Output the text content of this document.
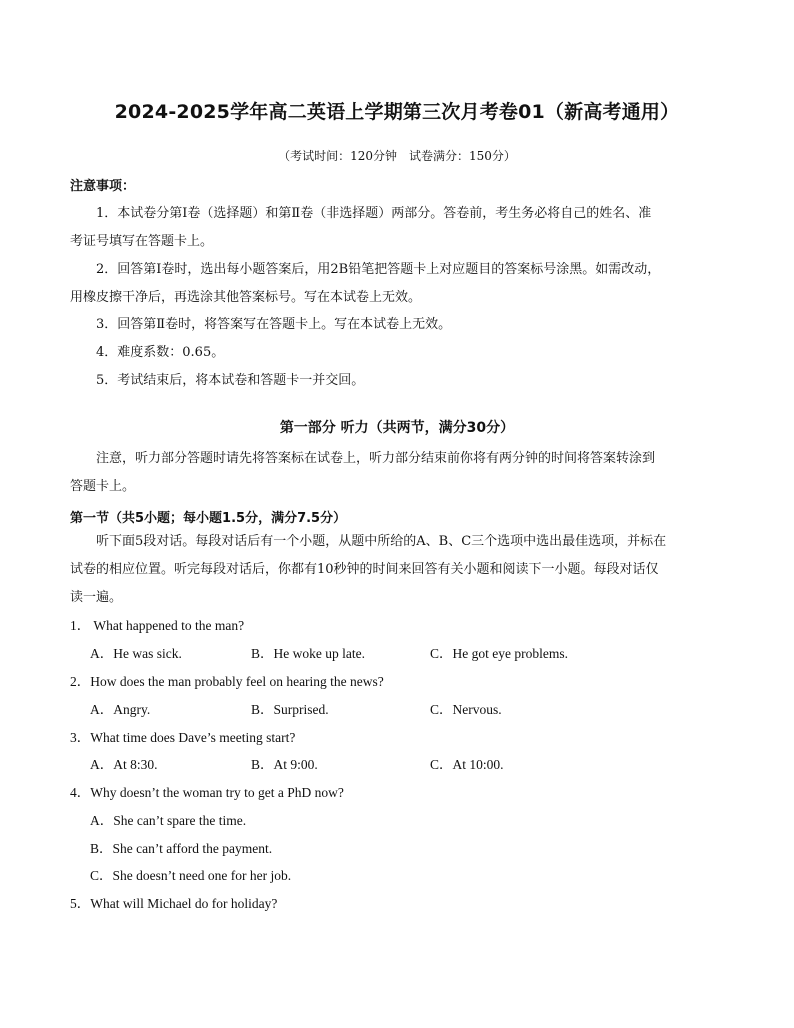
2024-2025学年高二英语上学期第三次月考卷01（新高考通用）
（考试时间：120分钟　试卷满分：150分）
注意事项：
1．本试卷分第Ⅰ卷（选择题）和第Ⅱ卷（非选择题）两部分。答卷前，考生务必将自己的姓名、准
考证号填写在答题卡上。
2．回答第Ⅰ卷时，选出每小题答案后，用2B铅笔把答题卡上对应题目的答案标号涂黑。如需改动，
用橡皮擦干净后，再选涂其他答案标号。写在本试卷上无效。
3．回答第Ⅱ卷时，将答案写在答题卡上。写在本试卷上无效。
4．难度系数：0.65。
5．考试结束后，将本试卷和答题卡一并交回。
第一部分 听力（共两节，满分30分）
注意，听力部分答题时请先将答案标在试卷上，听力部分结束前你将有两分钟的时间将答案转涂到
答题卡上。
第一节（共5小题；每小题1.5分，满分7.5分）
听下面5段对话。每段对话后有一个小题，从题中所给的A、B、C三个选项中选出最佳选项，并标在
试卷的相应位置。听完每段对话后，你都有10秒钟的时间来回答有关小题和阅读下一小题。每段对话仅
读一遍。
1． What happened to the man?
A．He was sick.	B．He woke up late.	C．He got eye problems.
2．How does the man probably feel on hearing the news?
A．Angry.	B．Surprised.	C．Nervous.
3．What time does Dave’s meeting start?
A．At 8:30.	B．At 9:00.	C．At 10:00.
4．Why doesn’t the woman try to get a PhD now?
A．She can’t spare the time.
B．She can’t afford the payment.
C．She doesn’t need one for her job.
5．What will Michael do for holiday?
